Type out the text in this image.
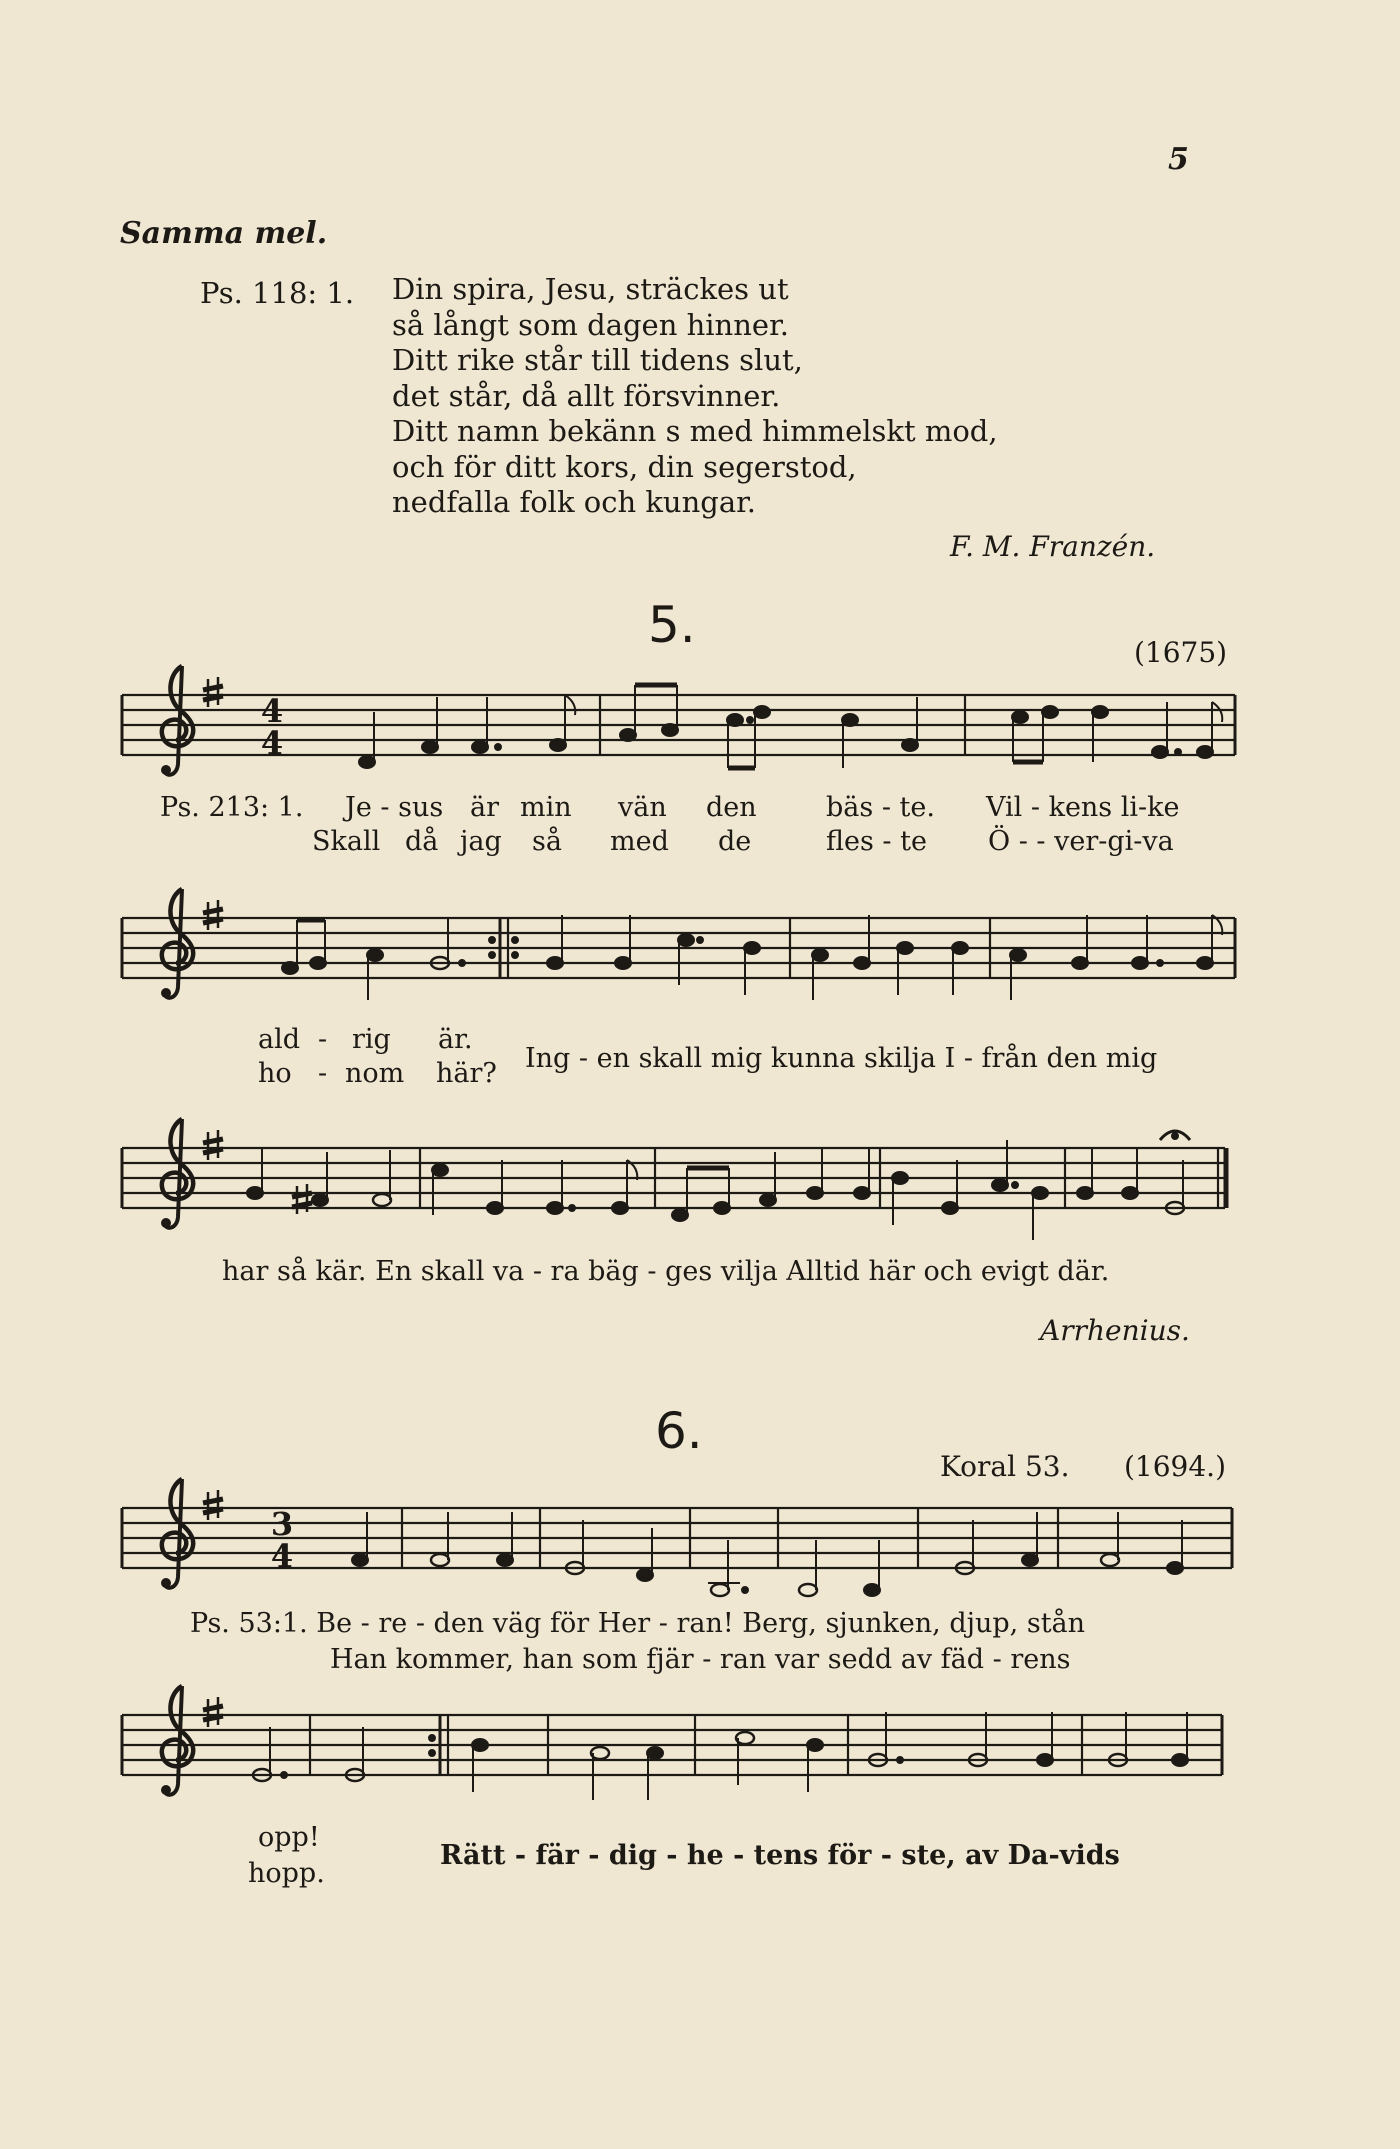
5
Samma mel.
Ps. 118: 1. Din spira, Jesu, sträckes ut
så långt som dagen hinner.
Ditt rike står till tidens slut,
det står, då allt försvinner.
Ditt namn bekänn s med himmelskt mod,
och för ditt kors, din segerstod,
nedfalla folk och kungar.
F. M. Franzén.
5.	(1675)
6.
Koral 53. (1694.)
4
4
3
4
Ps. 213: 1. Je - sus är min vän den	bäs - te. Vil - kens li-ke
Skall då jag så med de	fles - te Ö - - ver-gi-va
ald - rig är.
ho - nom här? Ing - en skall mig kunna skilja I - från den mig
har så kär. En skall va - ra bäg - ges vilja Alltid här och evigt där.
Arrhenius.
Ps. 53:1. Be - re - den väg för Her - ran! Berg, sjunken, djup, stån
Han kommer, han som fjär - ran var sedd av fäd - rens
opp!
hopp.
Rätt - fär - dig - he - tens för - ste, av Da-vids
